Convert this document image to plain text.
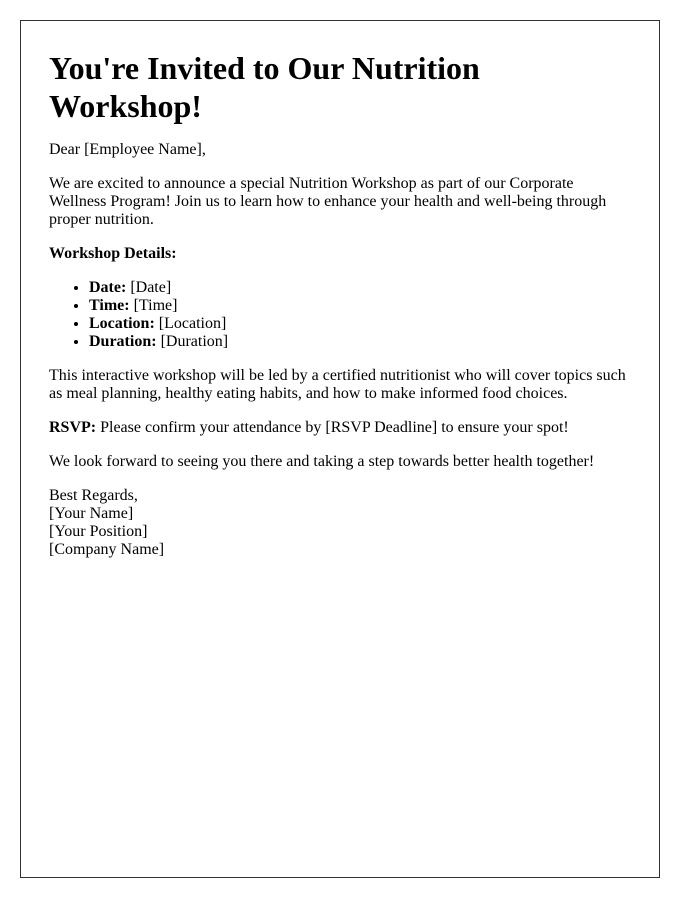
You're Invited to Our Nutrition Workshop!

Dear [Employee Name],

We are excited to announce a special Nutrition Workshop as part of our Corporate Wellness Program! Join us to learn how to enhance your health and well-being through proper nutrition.

Workshop Details:

• Date: [Date]
• Time: [Time]
• Location: [Location]
• Duration: [Duration]

This interactive workshop will be led by a certified nutritionist who will cover topics such as meal planning, healthy eating habits, and how to make informed food choices.

RSVP: Please confirm your attendance by [RSVP Deadline] to ensure your spot!

We look forward to seeing you there and taking a step towards better health together!

Best Regards,
[Your Name]
[Your Position]
[Company Name]
